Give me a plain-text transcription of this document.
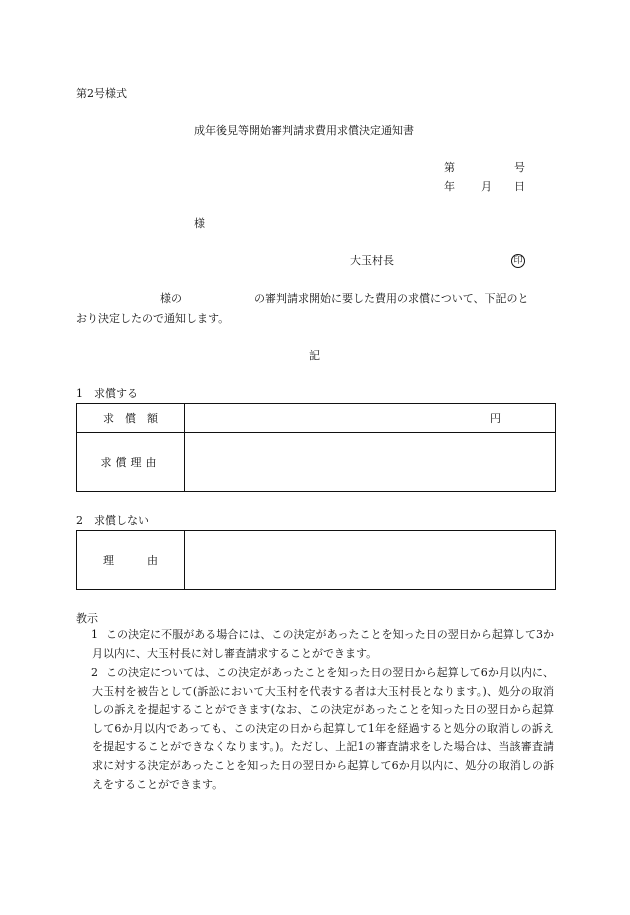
第2号様式
成年後見等開始審判請求費用求償決定通知書
第	号
年 月 日
様
大玉村長	印
様の	の審判請求開始に要した費用の求償について、下記のと
おり決定したので通知します。
記
1　求償する
求　償　額	円
求償理由	
2　求償しない
理　　　由	
教示
1 この決定に不服がある場合には、この決定があったことを知った日の翌日から起算して3か月以内に、大玉村長に対し審査請求することができます。
2 この決定については、この決定があったことを知った日の翌日から起算して6か月以内に、大玉村を被告として(訴訟において大玉村を代表する者は大玉村長となります。)、処分の取消しの訴えを提起することができます(なお、この決定があったことを知った日の翌日から起算して6か月以内であっても、この決定の日から起算して1年を経過すると処分の取消しの訴えを提起することができなくなります。)。ただし、上記1の審査請求をした場合は、当該審査請求に対する決定があったことを知った日の翌日から起算して6か月以内に、処分の取消しの訴えをすることができます。
